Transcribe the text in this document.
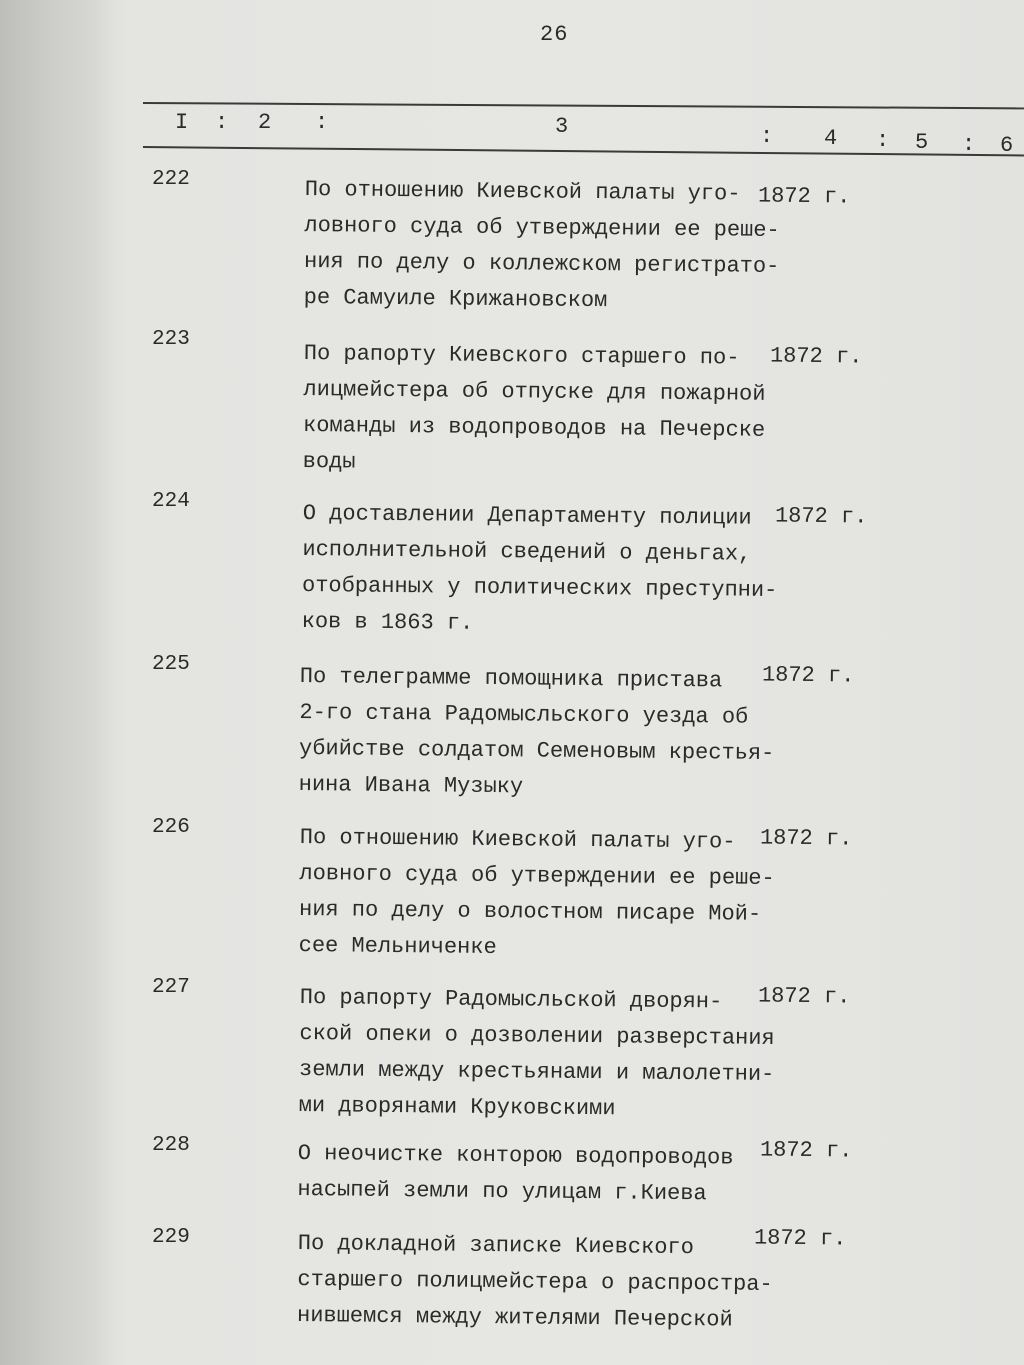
26
I : 2 :	3	: 4 : 5 : 6
222	По отношению Киевской палаты уго-
ловного суда об утверждении ее реше-
ния по делу о коллежском регистрато-
ре Самуиле Крижановском
1872 г.
223
По рапорту Киевского старшего по-
лицмейстера об отпуске для пожарной
команды из водопроводов на Печерске
воды
1872 г.
224	О доставлении Департаменту полиции
исполнительной сведений о деньгах,
отобранных у политических преступни-
ков в 1863 г.
1872 г.
225	По телеграмме помощника пристава
2-го стана Радомысльского уезда об
убийстве солдатом Семеновым крестья-
нина Ивана Музыку
1872 г.
226	По отношению Киевской палаты уго-
ловного суда об утверждении ее реше-
ния по делу о волостном писаре Мой-
сее Мельниченке
1872 г.
227	По рапорту Радомысльской дворян-
ской опеки о дозволении разверстания
земли между крестьянами и малолетни-
ми дворянами Круковскими
1872 г.
228	О неочистке конторою водопроводов
насыпей земли по улицам г.Киева
1872 г.
229	По докладной записке Киевского
старшего полицмейстера о распростра-
нившемся между жителями Печерской
1872 г.
